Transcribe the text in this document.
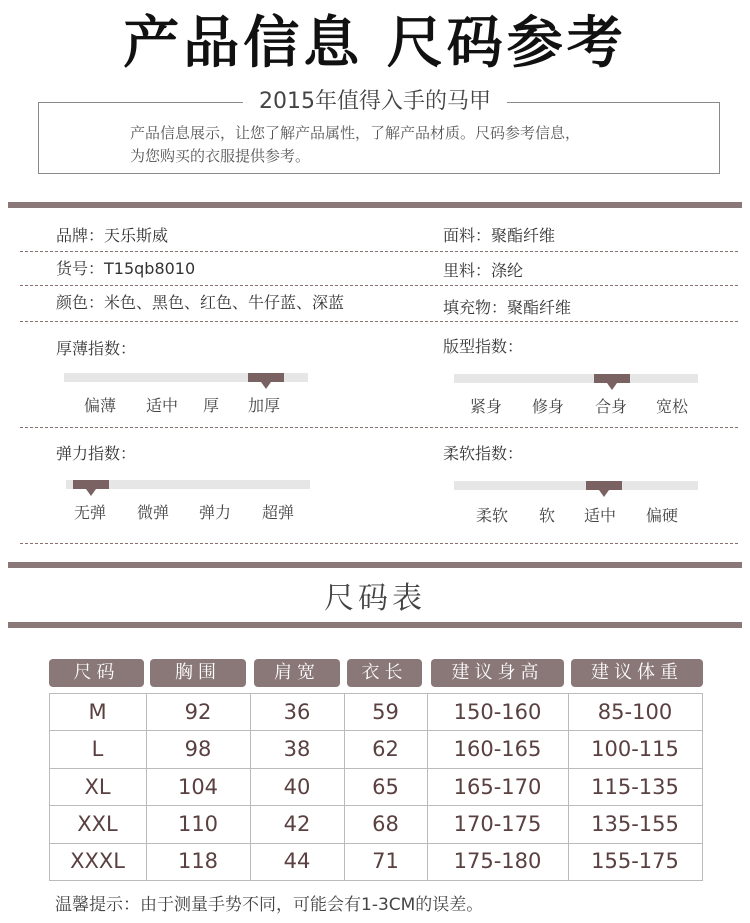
产品信息 尺码参考
2015年值得入手的马甲
产品信息展示，让您了解产品属性，了解产品材质。尺码参考信息，
为您购买的衣服提供参考。
品牌：天乐斯威	面料：聚酯纤维
货号：T15qb8010	里料：涤纶
颜色：米色、黑色、红色、牛仔蓝、深蓝	填充物：聚酯纤维
厚薄指数：
偏薄 适中 厚 加厚
版型指数：
紧身 修身 合身 宽松
弹力指数：
无弹 微弹 弹力 超弹
柔软指数：
柔软 软 适中 偏硬
尺码表
尺码	胸围	肩宽	衣长	建议身高	建议体重
M	92	36	59	150-160	85-100
L	98	38	62	160-165	100-115
XL	104	40	65	165-170	115-135
XXL	110	42	68	170-175	135-155
XXXL	118	44	71	175-180	155-175
温馨提示：由于测量手势不同，可能会有1-3CM的误差。
